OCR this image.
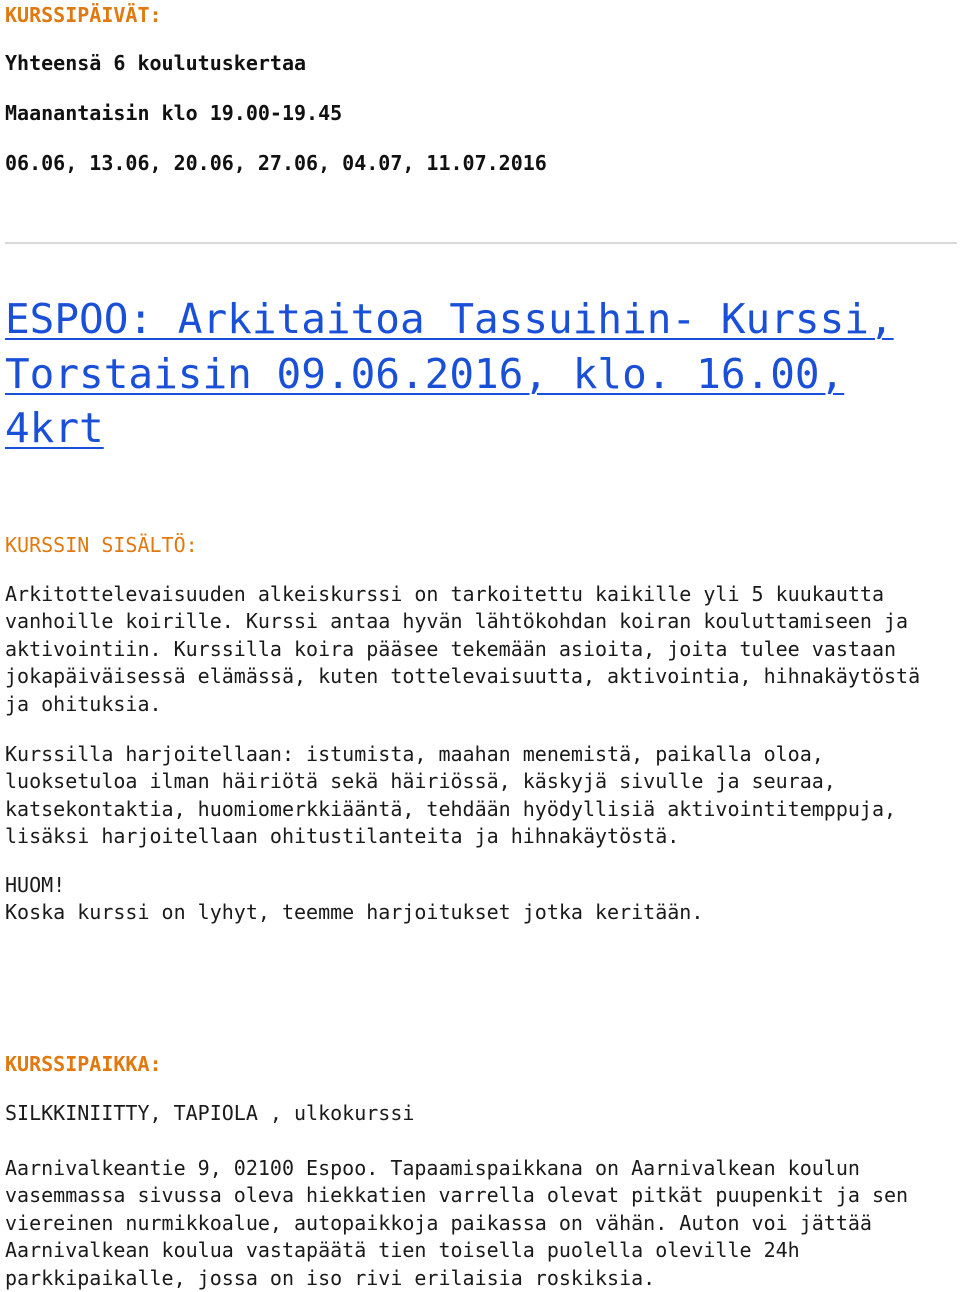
KURSSIPÄIVÄT:

Yhteensä 6 koulutuskertaa

Maanantaisin klo 19.00-19.45

06.06, 13.06, 20.06, 27.06, 04.07, 11.07.2016

ESPOO: Arkitaitoa Tassuihin- Kurssi, Torstaisin 09.06.2016, klo. 16.00, 4krt

KURSSIN SISÄLTÖ:

Arkitottelevaisuuden alkeiskurssi on tarkoitettu kaikille yli 5 kuukautta
vanhoille koirille. Kurssi antaa hyvän lähtökohdan koiran kouluttamiseen ja
aktivointiin. Kurssilla koira pääsee tekemään asioita, joita tulee vastaan
jokapäiväisessä elämässä, kuten tottelevaisuutta, aktivointia, hihnakäytöstä
ja ohituksia.

Kurssilla harjoitellaan: istumista, maahan menemistä, paikalla oloa,
luoksetuloa ilman häiriötä sekä häiriössä, käskyjä sivulle ja seuraa,
katsekontaktia, huomiomerkkiääntä, tehdään hyödyllisiä aktivointitemppuja,
lisäksi harjoitellaan ohitustilanteita ja hihnakäytöstä.

HUOM!

Koska kurssi on lyhyt, teemme harjoitukset jotka keritään.

KURSSIPAIKKA:

SILKKINIITTY, TAPIOLA , ulkokurssi

Aarnivalkeantie 9, 02100 Espoo. Tapaamispaikkana on Aarnivalkean koulun
vasemmassa sivussa oleva hiekkatien varrella olevat pitkät puupenkit ja sen
viereinen nurmikkoalue, autopaikkoja paikassa on vähän. Auton voi jättää
Aarnivalkean koulua vastapäätä tien toisella puolella oleville 24h
parkkipaikalle, jossa on iso rivi erilaisia roskiksia.
